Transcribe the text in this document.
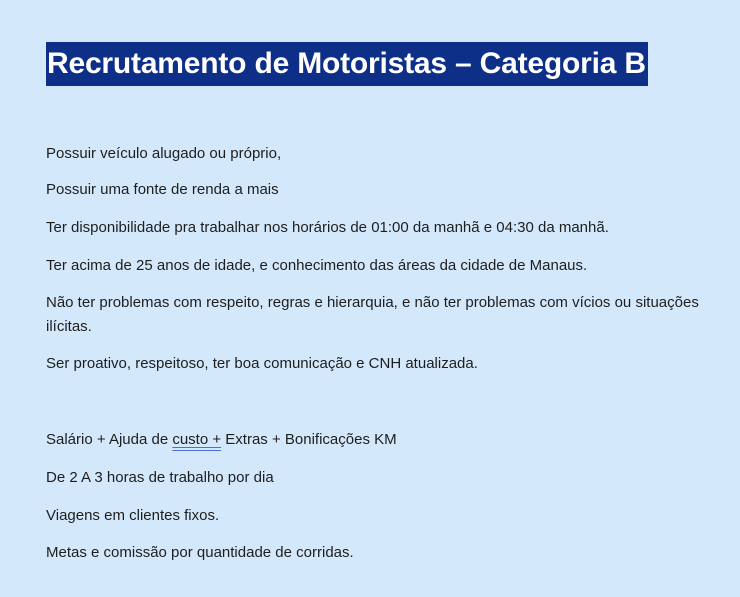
Recrutamento de Motoristas – Categoria B

Possuir veículo alugado ou próprio,

Possuir uma fonte de renda a mais

Ter disponibilidade pra trabalhar nos horários de 01:00 da manhã e 04:30 da manhã.

Ter acima de 25 anos de idade, e conhecimento das áreas da cidade de Manaus.

Não ter problemas com respeito, regras e hierarquia, e não ter problemas com vícios ou situações ilícitas.

Ser proativo, respeitoso, ter boa comunicação e CNH atualizada.

Salário + Ajuda de custo + Extras + Bonificações KM

De 2 A 3 horas de trabalho por dia

Viagens em clientes fixos.

Metas e comissão por quantidade de corridas.
